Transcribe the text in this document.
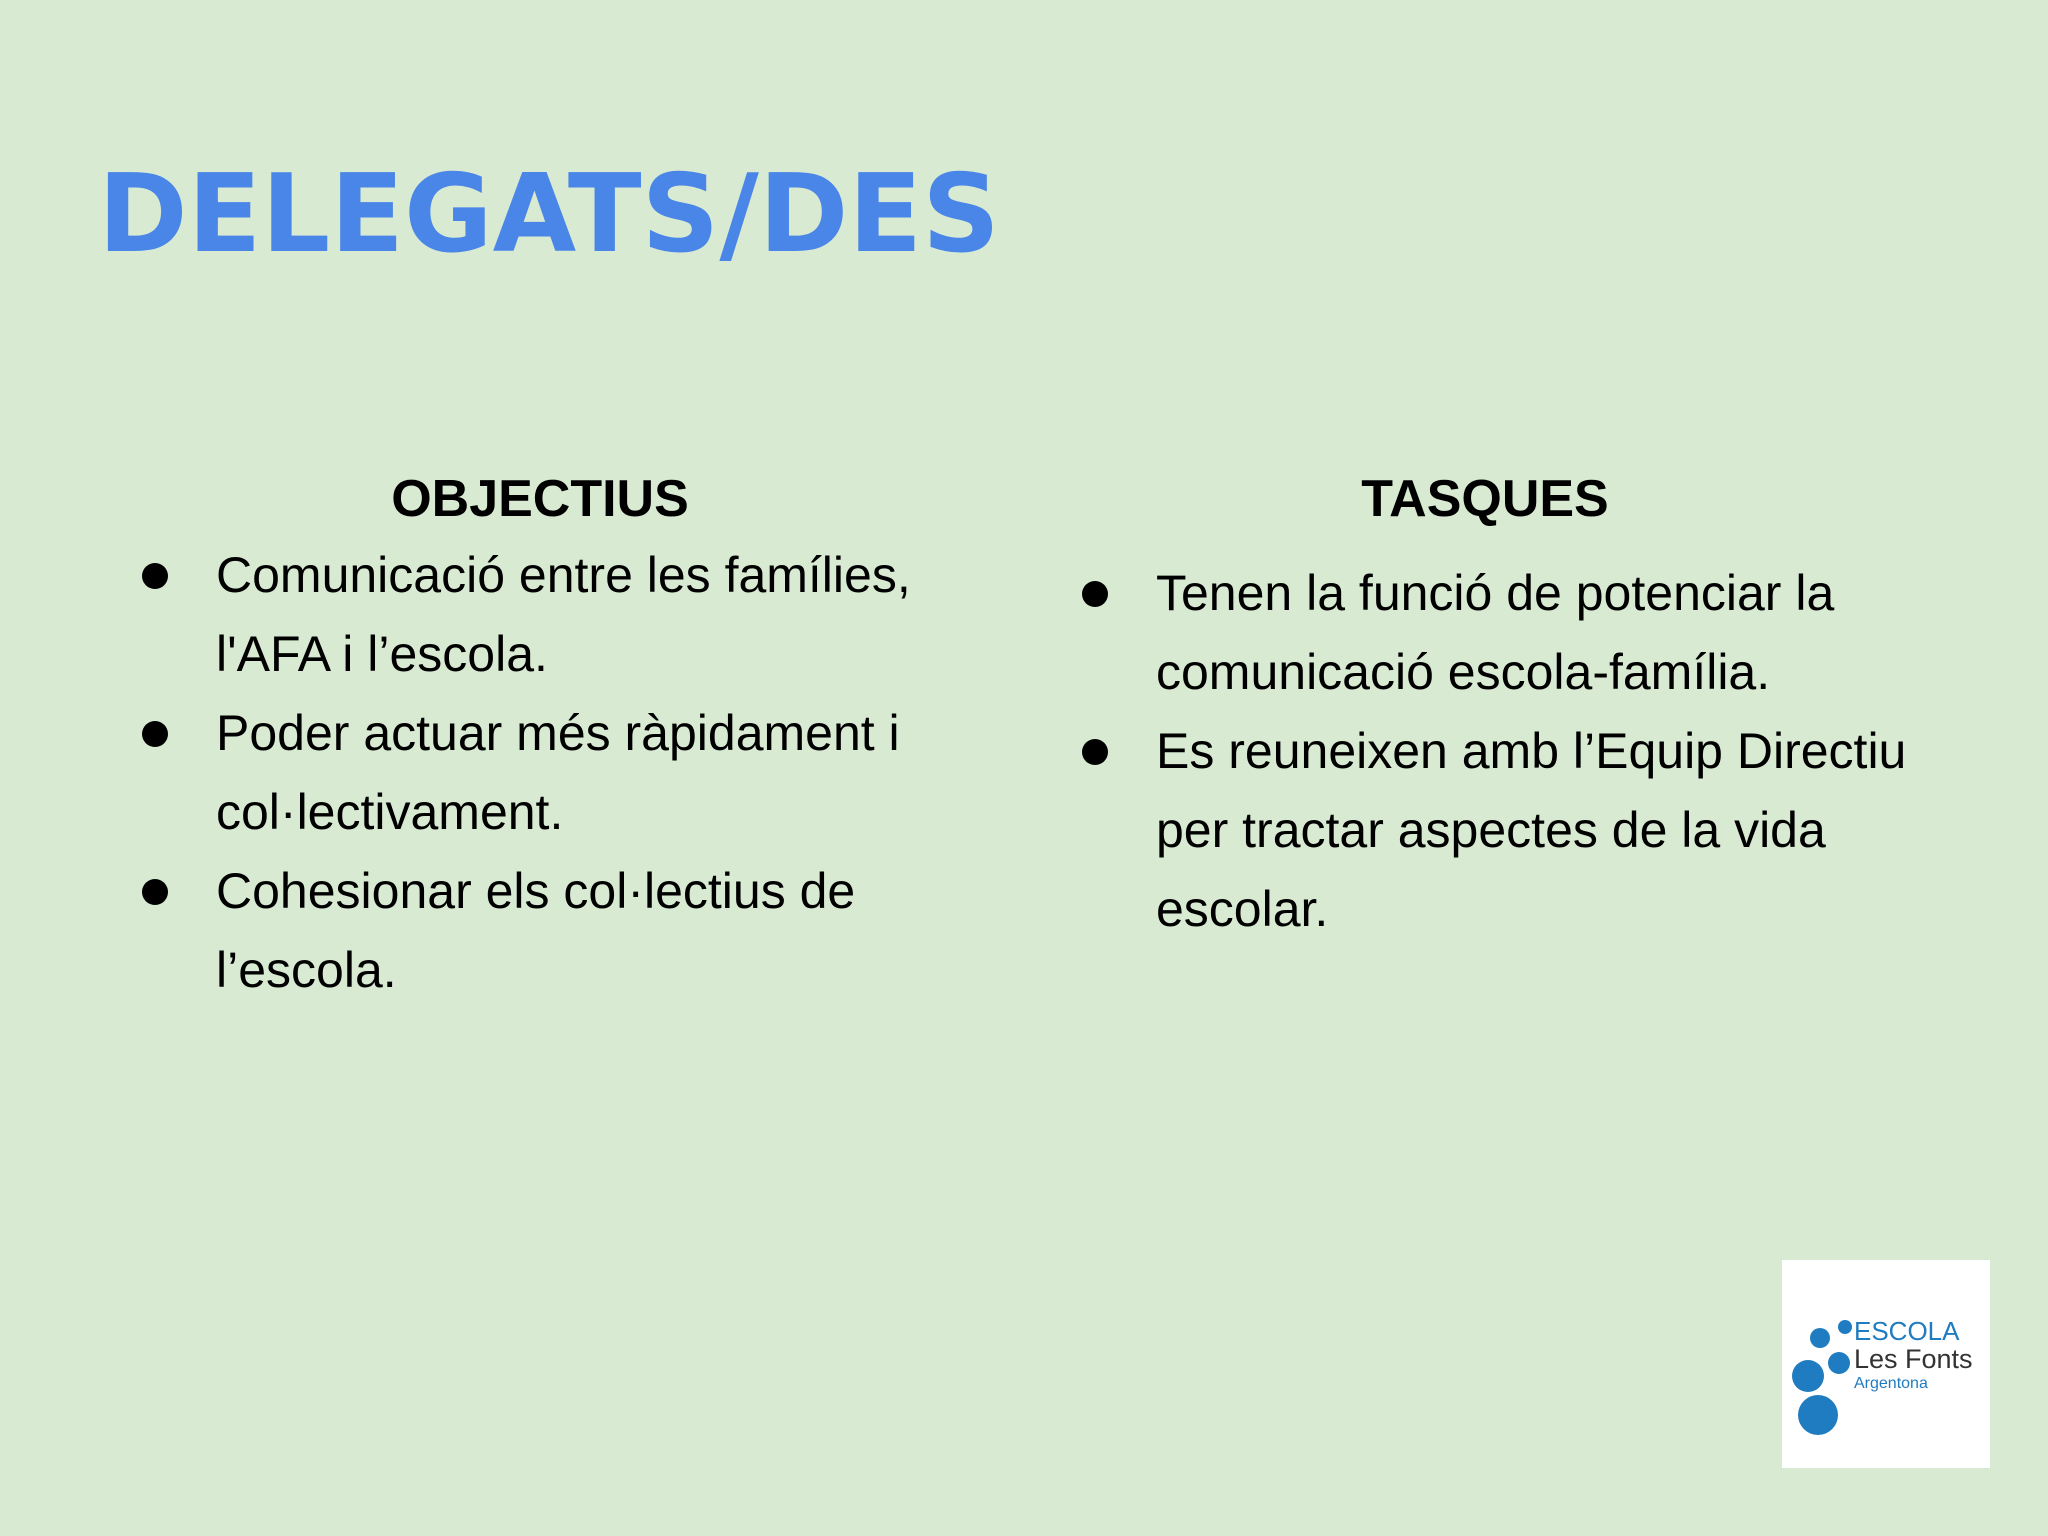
DELEGATS/DES
OBJECTIUS
Comunicació entre les famílies, l'AFA i l’escola.
Poder actuar més ràpidament i col·lectivament.
Cohesionar els col·lectius de l’escola.
TASQUES
Tenen la funció de potenciar la comunicació escola-família.
Es reuneixen amb l’Equip Directiu per tractar aspectes de la vida escolar.
ESCOLA
Les Fonts
Argentona
